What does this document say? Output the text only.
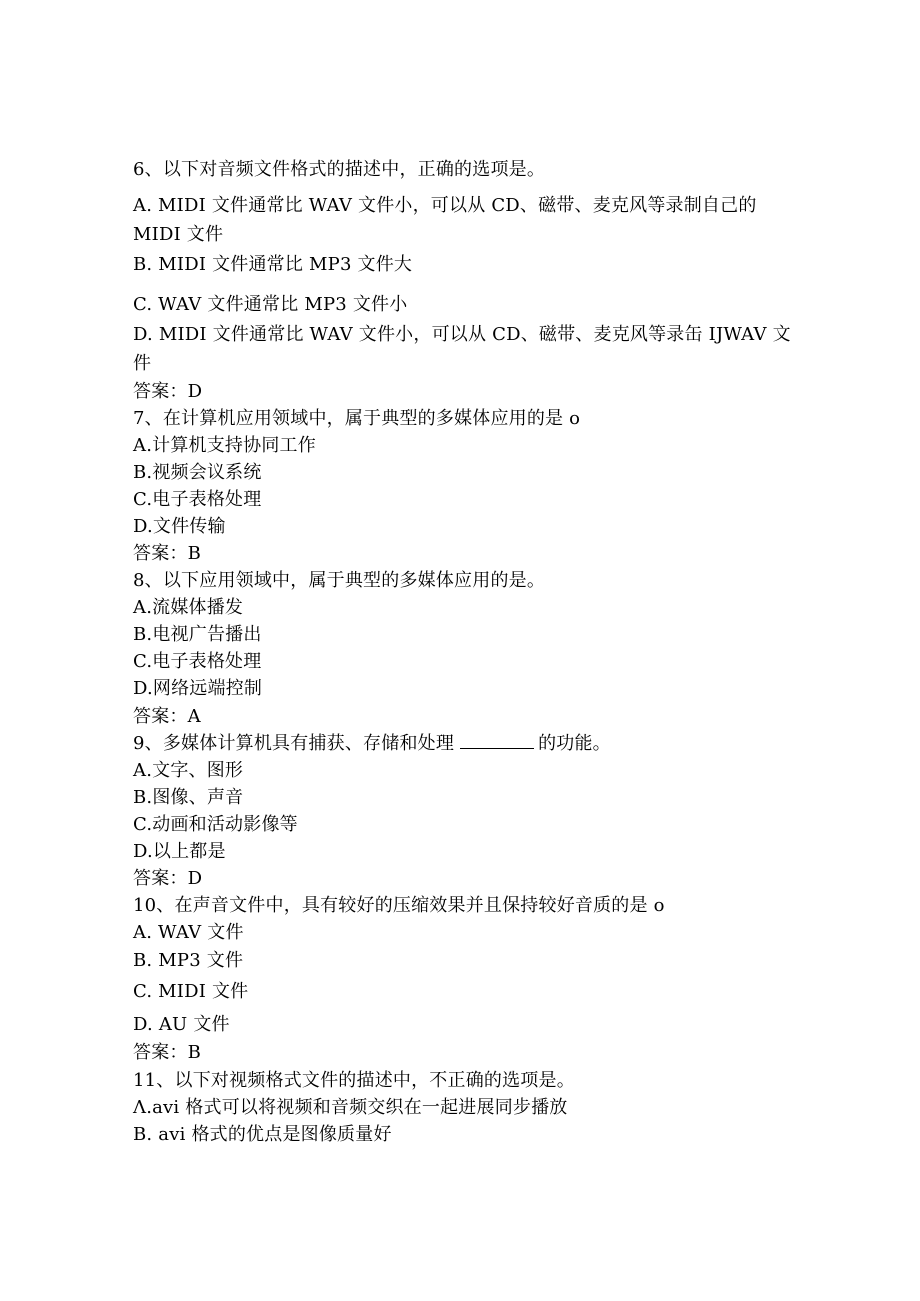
6、以下对音频文件格式的描述中，正确的选项是。
A. MIDI 文件通常比 WAV 文件小，可以从 CD、磁带、麦克风等录制自己的 MIDI 文件
B. MIDI 文件通常比 MP3 文件大
C. WAV 文件通常比 MP3 文件小
D. MIDI 文件通常比 WAV 文件小，可以从 CD、磁带、麦克风等录缶 IJWAV 文件
答案：D
7、在计算机应用领域中，属于典型的多媒体应用的是 o
A.计算机支持协同工作
B.视频会议系统
C.电子表格处理
D.文件传输
答案：B
8、以下应用领域中，属于典型的多媒体应用的是。
A.流媒体播发
B.电视广告播出
C.电子表格处理
D.网络远端控制
答案：A
9、多媒体计算机具有捕获、存储和处理	的功能。
A.文字、图形
B.图像、声音
C.动画和活动影像等
D.以上都是
答案：D
10、在声音文件中，具有较好的压缩效果并且保持较好音质的是 o
A. WAV 文件
B. MP3 文件
C. MIDI 文件
D. AU 文件
答案：B
11、以下对视频格式文件的描述中，不正确的选项是。
Λ.avi 格式可以将视频和音频交织在一起进展同步播放
B. avi 格式的优点是图像质量好
